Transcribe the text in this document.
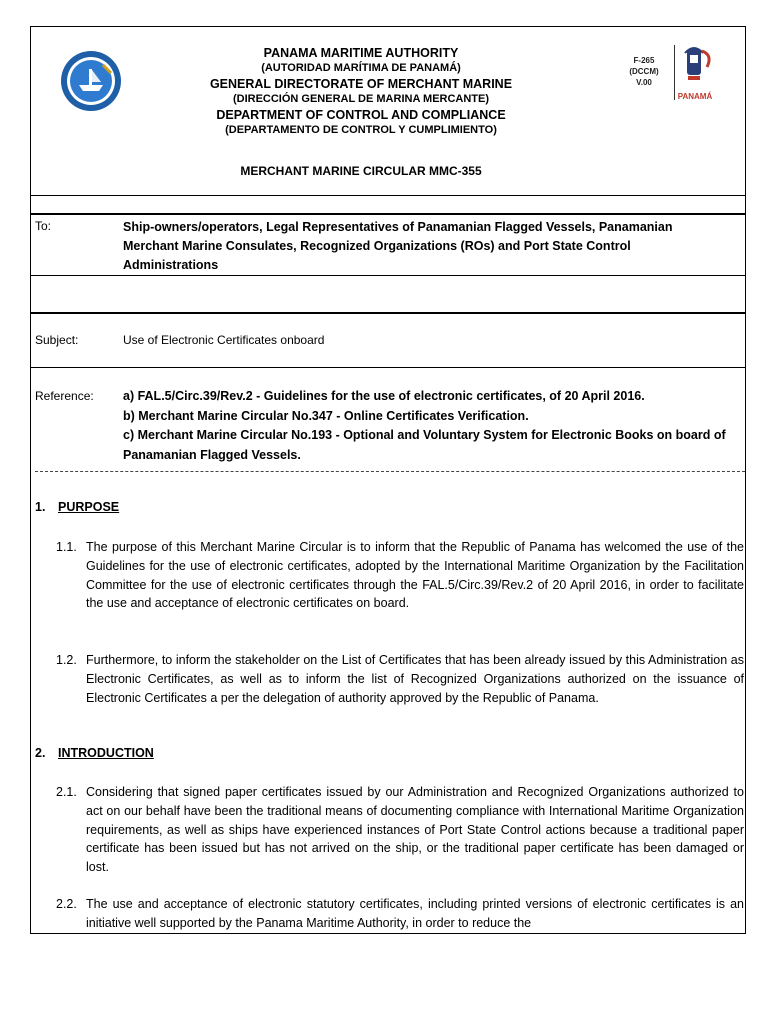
PANAMA MARITIME AUTHORITY
(AUTORIDAD MARÍTIMA DE PANAMÁ)
GENERAL DIRECTORATE OF MERCHANT MARINE
(DIRECCIÓN GENERAL DE MARINA MERCANTE)
DEPARTMENT OF CONTROL AND COMPLIANCE
(DEPARTAMENTO DE CONTROL Y CUMPLIMIENTO)
MERCHANT MARINE CIRCULAR MMC-355
F-265
(DCCM)
V.00
PANAMÁ
To:	Ship-owners/operators, Legal Representatives of Panamanian Flagged Vessels, Panamanian Merchant Marine Consulates, Recognized Organizations (ROs) and Port State Control Administrations
Subject:	Use of Electronic Certificates onboard
Reference: a) FAL.5/Circ.39/Rev.2 - Guidelines for the use of electronic certificates, of 20 April 2016.
b) Merchant Marine Circular No.347 - Online Certificates Verification.
c) Merchant Marine Circular No.193 - Optional and Voluntary System for Electronic Books on board of Panamanian Flagged Vessels.
1. PURPOSE
1.1. The purpose of this Merchant Marine Circular is to inform that the Republic of Panama has welcomed the use of the Guidelines for the use of electronic certificates, adopted by the International Maritime Organization by the Facilitation Committee for the use of electronic certificates through the FAL.5/Circ.39/Rev.2 of 20 April 2016, in order to facilitate the use and acceptance of electronic certificates on board.
1.2. Furthermore, to inform the stakeholder on the List of Certificates that has been already issued by this Administration as Electronic Certificates, as well as to inform the list of Recognized Organizations authorized on the issuance of Electronic Certificates a per the delegation of authority approved by the Republic of Panama.
2. INTRODUCTION
2.1. Considering that signed paper certificates issued by our Administration and Recognized Organizations authorized to act on our behalf have been the traditional means of documenting compliance with International Maritime Organization requirements, as well as ships have experienced instances of Port State Control actions because a traditional paper certificate has been issued but has not arrived on the ship, or the traditional paper certificate has been damaged or lost.
2.2. The use and acceptance of electronic statutory certificates, including printed versions of electronic certificates is an initiative well supported by the Panama Maritime Authority, in order to reduce the
